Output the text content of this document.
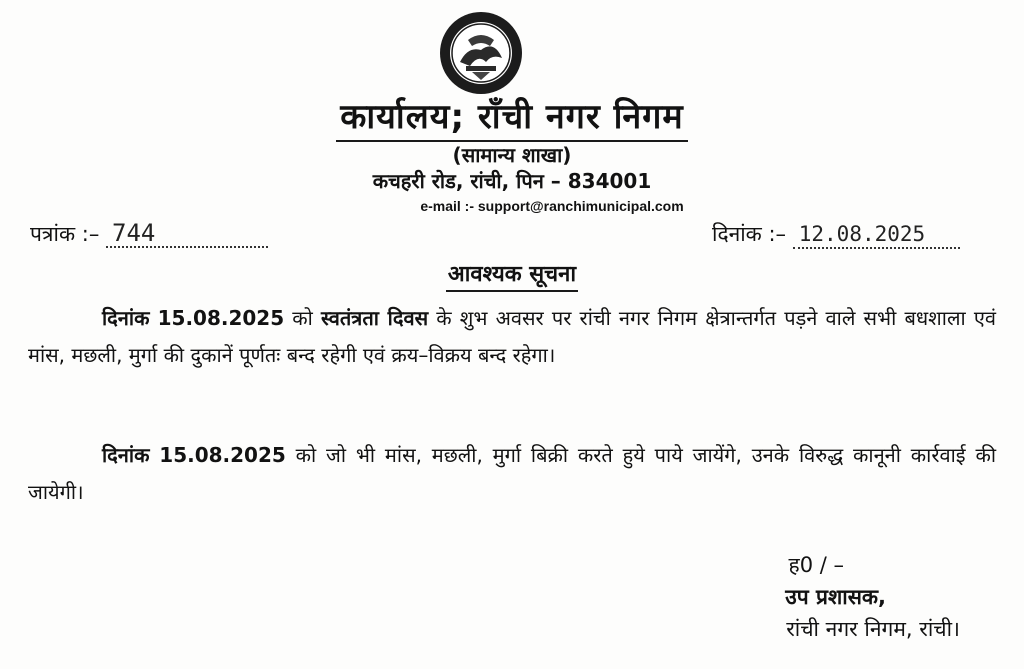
कार्यालय; राँची नगर निगम
(सामान्य शाखा)
कचहरी रोड, रांची, पिन – 834001
e-mail :- support@ranchimunicipal.com
पत्रांक :– 744	दिनांक :– 12.08.2025
आवश्यक सूचना
दिनांक 15.08.2025 को स्वतंत्रता दिवस के शुभ अवसर पर रांची नगर निगम क्षेत्रान्तर्गत पड़ने वाले सभी बधशाला एवं मांस, मछली, मुर्गा की दुकानें पूर्णतः बन्द रहेगी एवं क्रय–विक्रय बन्द रहेगा।
दिनांक 15.08.2025 को जो भी मांस, मछली, मुर्गा बिक्री करते हुये पाये जायेंगे, उनके विरुद्ध कानूनी कार्रवाई की जायेगी।
ह0 / –
उप प्रशासक,
रांची नगर निगम, रांची।
